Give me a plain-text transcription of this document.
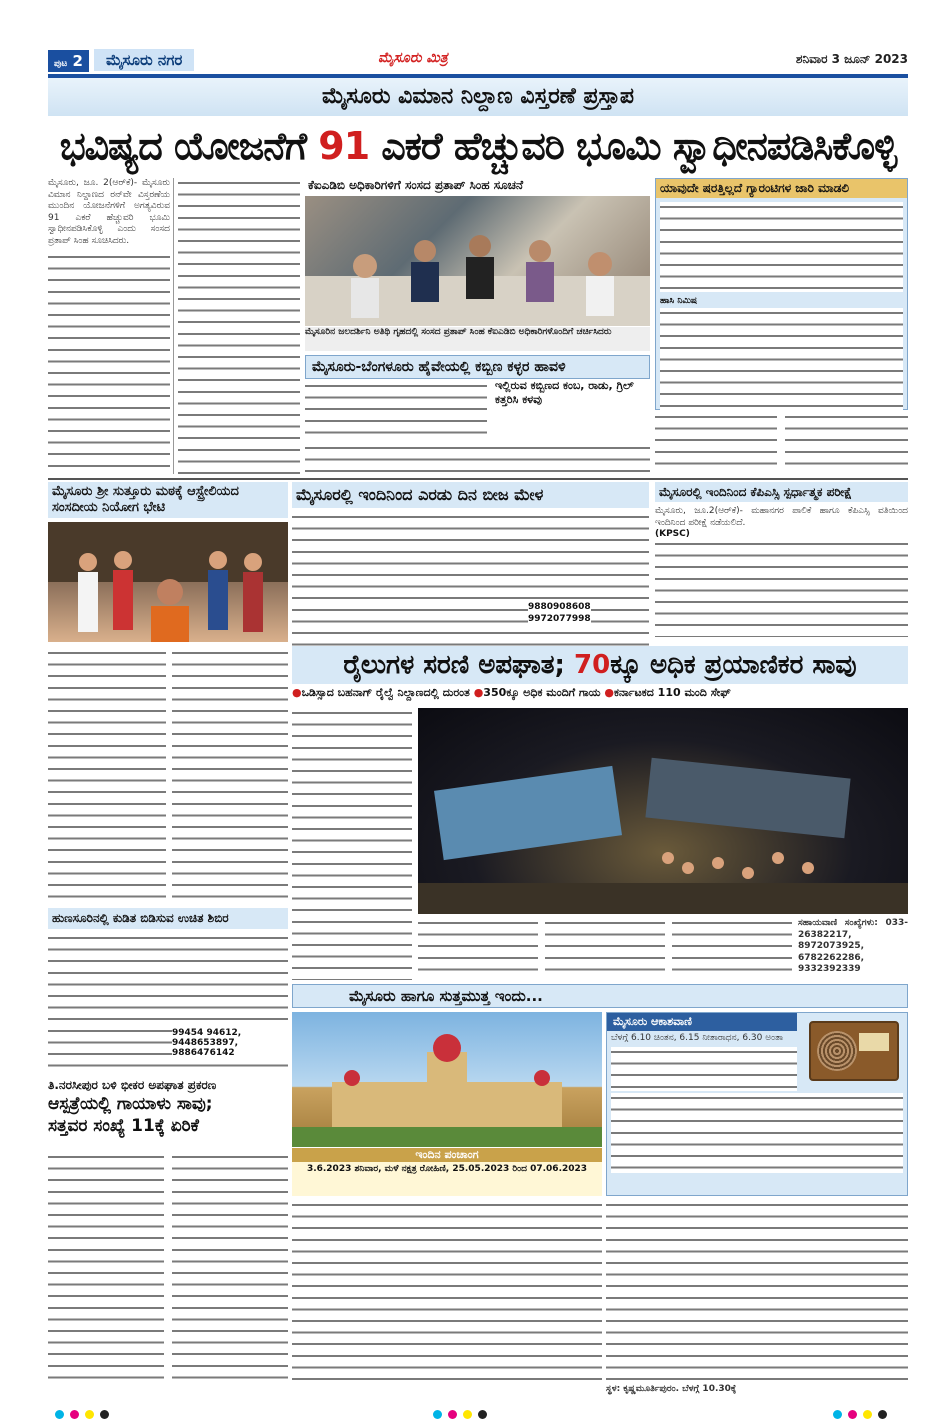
ಪುಟ 2	ಮೈಸೂರು ನಗರ	ಮೈಸೂರು ಮಿತ್ರ	ಶನಿವಾರ 3 ಜೂನ್ 2023
ಮೈಸೂರು ವಿಮಾನ ನಿಲ್ದಾಣ ವಿಸ್ತರಣೆ ಪ್ರಸ್ತಾಪ
ಭವಿಷ್ಯದ ಯೋಜನೆಗೆ 91 ಎಕರೆ ಹೆಚ್ಚುವರಿ ಭೂಮಿ ಸ್ವಾಧೀನಪಡಿಸಿಕೊಳ್ಳಿ
ಮೈಸೂರು, ಜೂ. 2(ಆರ್‌ಕೆ)- ಮೈಸೂರು ವಿಮಾನ ನಿಲ್ದಾಣದ ರನ್‌ವೇ ವಿಸ್ತರಣೆಯ ಮುಂದಿನ ಯೋಜನೆಗಳಿಗೆ ಅಗತ್ಯವಿರುವ 91 ಎಕರೆ ಹೆಚ್ಚುವರಿ ಭೂಮಿ ಸ್ವಾಧೀನಪಡಿಸಿಕೊಳ್ಳಿ ಎಂದು ಸಂಸದ ಪ್ರತಾಪ್ ಸಿಂಹ ಸೂಚಿಸಿದರು.
ಕೆಐಎಡಿಬಿ ಅಧಿಕಾರಿಗಳಿಗೆ ಸಂಸದ ಪ್ರತಾಪ್ ಸಿಂಹ ಸೂಚನೆ
ಮೈಸೂರಿನ ಜಲದರ್ಶಿನಿ ಅತಿಥಿ ಗೃಹದಲ್ಲಿ ಸಂಸದ ಪ್ರತಾಪ್ ಸಿಂಹ ಕೆಐಎಡಿಬಿ ಅಧಿಕಾರಿಗಳೊಂದಿಗೆ ಚರ್ಚಿಸಿದರು
ಯಾವುದೇ ಷರತ್ತಿಲ್ಲದೆ ಗ್ಯಾರಂಟಿಗಳ ಜಾರಿ ಮಾಡಲಿ
ಹಾಸಿ ನಿಮಿಷ
ಮೈಸೂರು-ಬೆಂಗಳೂರು ಹೈವೇಯಲ್ಲಿ ಕಬ್ಬಿಣ ಕಳ್ಳರ ಹಾವಳಿ
ಇಲ್ಲಿರುವ ಕಬ್ಬಿಣದ ಕಂಬ, ರಾಡು, ಗ್ರಿಲ್ ಕತ್ತರಿಸಿ ಕಳವು
ಮೈಸೂರು ಶ್ರೀ ಸುತ್ತೂರು ಮಠಕ್ಕೆ ಆಸ್ಟ್ರೇಲಿಯದ ಸಂಸದೀಯ ನಿಯೋಗ ಭೇಟಿ
ಮೈಸೂರಲ್ಲಿ ಇಂದಿನಿಂದ ಎರಡು ದಿನ ಬೀಜ ಮೇಳ
9880908608
9972077998
ಮೈಸೂರಲ್ಲಿ ಇಂದಿನಿಂದ ಕೆಪಿಎಸ್ಸಿ ಸ್ಪರ್ಧಾತ್ಮಕ ಪರೀಕ್ಷೆ
ಮೈಸೂರು, ಜೂ.2(ಆರ್‌ಕೆ)- ಮಹಾನಗರ ಪಾಲಿಕೆ ಹಾಗೂ ಕೆಪಿಎಸ್ಸಿ ವತಿಯಿಂದ ಇಂದಿನಿಂದ ಪರೀಕ್ಷೆ ನಡೆಯಲಿದೆ.
(KPSC)
ರೈಲುಗಳ ಸರಣಿ ಅಪಘಾತ; 70ಕ್ಕೂ ಅಧಿಕ ಪ್ರಯಾಣಿಕರ ಸಾವು
●ಒಡಿಸ್ಸಾದ ಬಹನಾಗ್ ರೈಲ್ವೆ ನಿಲ್ದಾಣದಲ್ಲಿ ದುರಂತ ●350ಕ್ಕೂ ಅಧಿಕ ಮಂದಿಗೆ ಗಾಯ ●ಕರ್ನಾಟಕದ 110 ಮಂದಿ ಸೇಫ್
ಸಹಾಯವಾಣಿ ಸಂಖ್ಯೆಗಳು: 033-26382217, 8972073925, 6782262286, 9332392339
ಹುಣಸೂರಿನಲ್ಲಿ ಕುಡಿತ ಬಿಡಿಸುವ ಉಚಿತ ಶಿಬಿರ
99454 94612, 9448653897, 9886476142
ತಿ.ನರಸೀಪುರ ಬಳಿ ಭೀಕರ ಅಪಘಾತ ಪ್ರಕರಣ
ಆಸ್ಪತ್ರೆಯಲ್ಲಿ ಗಾಯಾಳು ಸಾವು;
ಸತ್ತವರ ಸಂಖ್ಯೆ 11ಕ್ಕೆ ಏರಿಕೆ
ಮೈಸೂರು ಹಾಗೂ ಸುತ್ತಮುತ್ತ ಇಂದು...
ಇಂದಿನ ಪಂಚಾಂಗ
3.6.2023 ಶನಿವಾರ, ಮಳೆ ನಕ್ಷತ್ರ ರೋಹಿಣಿ, 25.05.2023 ರಿಂದ 07.06.2023
ಮೈಸೂರು ಆಕಾಶವಾಣಿ
ಬೆಳಗ್ಗೆ 6.10 ಚಿಂತನ, 6.15 ನೀತಾರಾಧನ, 6.30 ಅಂತಾ
ಸ್ಥಳ: ಕೃಷ್ಣಮೂರ್ತಿಪುರಂ. ಬೆಳಗ್ಗೆ 10.30ಕ್ಕೆ
